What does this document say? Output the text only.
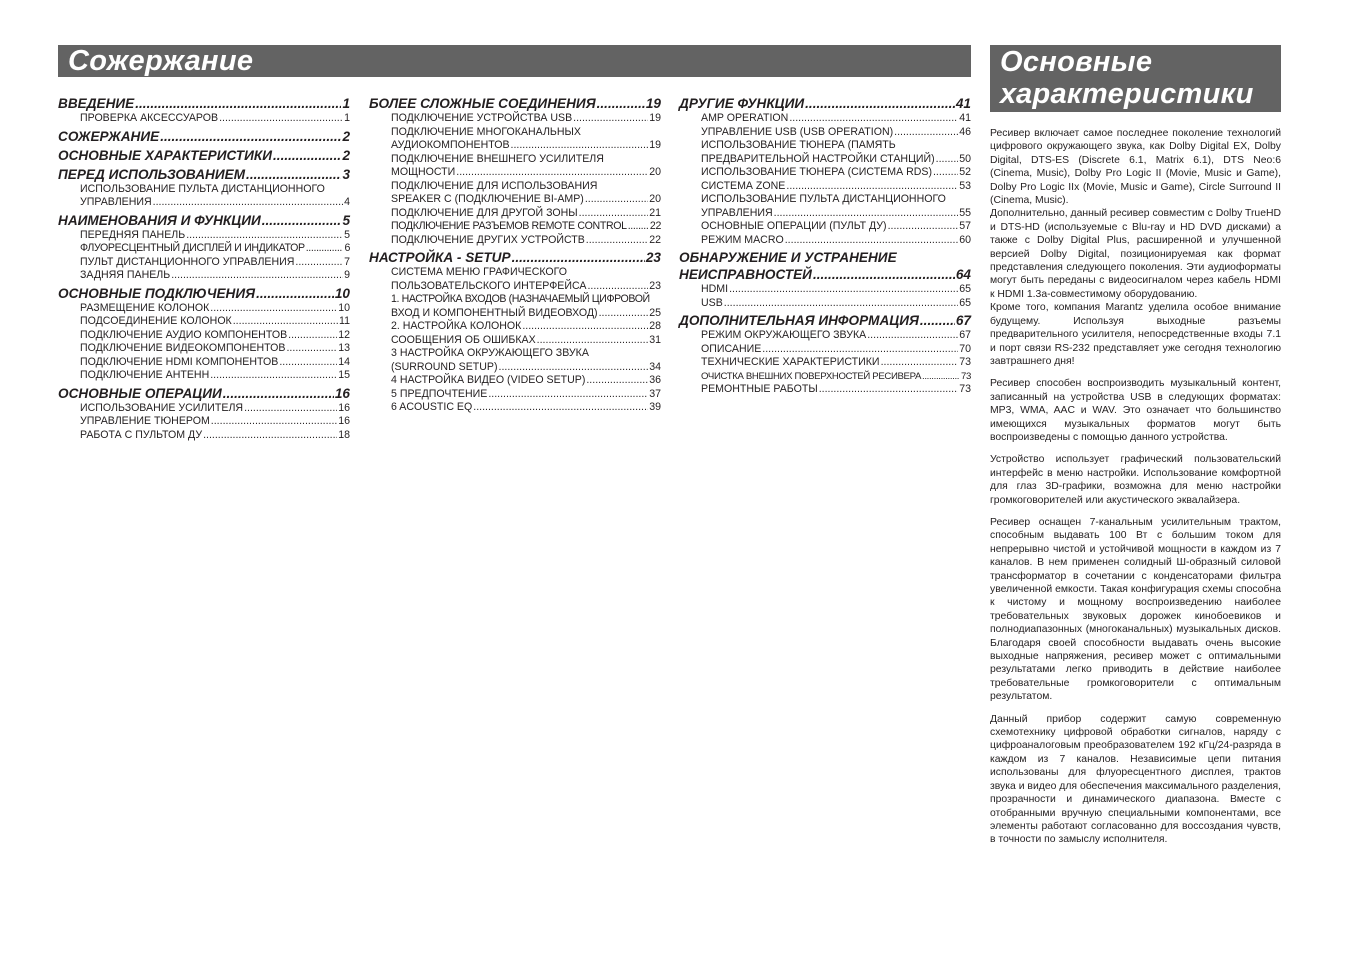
Сожержание	Основные
характеристики
ВВЕДЕНИЕ .....	1
ПРОВЕРКА АКСЕССУАРОВ .....	1
СОЖЕРЖАНИЕ .....	2
ОСНОВНЫЕ ХАРАКТЕРИСТИКИ .....	2
ПЕРЕД ИСПОЛЬЗОВАНИЕМ .....	3
ИСПОЛЬЗОВАНИЕ ПУЛЬТА ДИСТАНЦИОННОГО
УПРАВЛЕНИЯ .....	4
НАИМЕНОВАНИЯ И ФУНКЦИИ .....	5
ПЕРЕДНЯЯ ПАНЕЛЬ .....	5
ФЛУОРЕСЦЕНТНЫЙ ДИСПЛЕЙ И ИНДИКАТОР .....	6
ПУЛЬТ ДИСТАНЦИОННОГО УПРАВЛЕНИЯ .....	7
ЗАДНЯЯ ПАНЕЛЬ .....	9
ОСНОВНЫЕ ПОДКЛЮЧЕНИЯ .....	10
РАЗМЕЩЕНИЕ КОЛОНОК .....	10
ПОДСОЕДИНЕНИЕ КОЛОНОК .....	11
ПОДКЛЮЧЕНИЕ АУДИО КОМПОНЕНТОВ .....	12
ПОДКЛЮЧЕНИЕ ВИДЕОКОМПОНЕНТОВ .....	13
ПОДКЛЮЧЕНИЕ HDMI КОМПОНЕНТОВ .....	14
ПОДКЛЮЧЕНИЕ АНТЕНН .....	15
ОСНОВНЫЕ ОПЕРАЦИИ .....	16
ИСПОЛЬЗОВАНИЕ УСИЛИТЕЛЯ .....	16
УПРАВЛЕНИЕ ТЮНЕРОМ .....	16
РАБОТА С ПУЛЬТОМ ДУ .....	18
БОЛЕЕ СЛОЖНЫЕ СОЕДИНЕНИЯ .....	19
ПОДКЛЮЧЕНИЕ УСТРОЙСТВА USB .....	19
ПОДКЛЮЧЕНИЕ МНОГОКАНАЛЬНЫХ
АУДИОКОМПОНЕНТОВ .....	19
ПОДКЛЮЧЕНИЕ ВНЕШНЕГО УСИЛИТЕЛЯ
МОЩНОСТИ .....	20
ПОДКЛЮЧЕНИЕ ДЛЯ ИСПОЛЬЗОВАНИЯ
SPEAKER C (ПОДКЛЮЧЕНИЕ BI-AMP) .....	20
ПОДКЛЮЧЕНИЕ ДЛЯ ДРУГОЙ ЗОНЫ .....	21
ПОДКЛЮЧЕНИЕ РАЗЪЕМОВ REMOTE CONTROL ..... 22
ПОДКЛЮЧЕНИЕ ДРУГИХ УСТРОЙСТВ .....	22
НАСТРОЙКА - SETUP .....	23
СИСТЕМА МЕНЮ ГРАФИЧЕСКОГО
ПОЛЬЗОВАТЕЛЬСКОГО ИНТЕРФЕЙСА .....	23
1. НАСТРОЙКА ВХОДОВ (НАЗНАЧАЕМЫЙ ЦИФРОВОЙ
ВХОД И КОМПОНЕНТНЫЙ ВИДЕОВХОД) .....	25
2. НАСТРОЙКА КОЛОНОК .....	28
СООБЩЕНИЯ ОБ ОШИБКАХ .....	31
3 НАСТРОЙКА ОКРУЖАЮЩЕГО ЗВУКА
(SURROUND SETUP) .....	34
4 НАСТРОЙКА ВИДЕО (VIDEO SETUP) .....	36
5 ПРЕДПОЧТЕНИЕ .....	37
6 ACOUSTIC EQ .....	39
ДРУГИЕ ФУНКЦИИ .....	41
AMP OPERATION .....	41
УПРАВЛЕНИЕ USB (USB OPERATION) .....	46
ИСПОЛЬЗОВАНИЕ ТЮНЕРА (ПАМЯТЬ
ПРЕДВАРИТЕЛЬНОЙ НАСТРОЙКИ СТАНЦИЙ) ..... 50
ИСПОЛЬЗОВАНИЕ ТЮНЕРА (СИСТЕМА RDS) .....	52
СИСТЕМА ZONE .....	53
ИСПОЛЬЗОВАНИЕ ПУЛЬТА ДИСТАНЦИОННОГО
УПРАВЛЕНИЯ .....	55
ОСНОВНЫЕ ОПЕРАЦИИ (ПУЛЬТ ДУ) .....	57
РЕЖИМ MACRO .....	60
ОБНАРУЖЕНИЕ И УСТРАНЕНИЕ
НЕИСПРАВНОСТЕЙ .....	64
HDMI .....	65
USB .....	65
ДОПОЛНИТЕЛЬНАЯ ИНФОРМАЦИЯ .....	67
РЕЖИМ ОКРУЖАЮЩЕГО ЗВУКА .....	67
ОПИСАНИЕ .....	70
ТЕХНИЧЕСКИЕ ХАРАКТЕРИСТИКИ .....	73
ОЧИСТКА ВНЕШНИХ ПОВЕРХНОСТЕЙ РЕСИВЕРА .....	73
РЕМОНТНЫЕ РАБОТЫ .....	73

Ресивер включает самое последнее поколение технологий цифрового окружающего звука, как Dolby Digital EX, Dolby Digital, DTS-ES (Discrete 6.1, Matrix 6.1), DTS Neo:6 (Cinema, Music), Dolby Pro Logic II (Movie, Music и Game), Dolby Pro Logic IIx (Movie, Music и Game), Circle Surround II (Cinema, Music).

Дополнительно, данный ресивер совместим с Dolby TrueHD и DTS-HD (используемые с Blu-ray и HD DVD дисками) а также с Dolby Digital Plus, расширенной и улучшенной версией Dolby Digital, позиционируемая как формат представления следующего поколения. Эти аудиоформаты могут быть переданы с видеосигналом через кабель HDMI к HDMI 1.3a-совместимому оборудованию.

Кроме того, компания Marantz уделила особое внимание будущему. Используя выходные разъемы предварительного усилителя, непосредственные входы 7.1 и порт связи RS-232 представляет уже сегодня технологию завтрашнего дня!

Ресивер способен воспроизводить музыкальный контент, записанный на устройства USB в следующих форматах: MP3, WMA, AAC и WAV. Это означает что большинство имеющихся музыкальных форматов могут быть воспроизведены с помощью данного устройства.

Устройство использует графический пользовательский интерфейс в меню настройки. Использование комфортной для глаз 3D-графики, возможна для меню настройки громкоговорителей или акустического эквалайзера.

Ресивер оснащен 7-канальным усилительным трактом, способным выдавать 100 Вт с большим током для непрерывно чистой и устойчивой мощности в каждом из 7 каналов. В нем применен солидный Ш-образный силовой трансформатор в сочетании с конденсаторами фильтра увеличенной емкости. Такая конфигурация схемы способна к чистому и мощному воспроизведению наиболее требовательных звуковых дорожек кинобоевиков и полнодиапазонных (многоканальных) музыкальных дисков. Благодаря своей способности выдавать очень высокие выходные напряжения, ресивер может с оптимальными результатами легко приводить в действие наиболее требовательные громкоговорители с оптимальным результатом.

Данный прибор содержит самую современную схемотехнику цифровой обработки сигналов, наряду с цифроаналоговым преобразователем 192 кГц/24-разряда в каждом из 7 каналов. Независимые цепи питания использованы для флуоресцентного дисплея, трактов звука и видео для обеспечения максимального разделения, прозрачности и динамического диапазона. Вместе с отобранными вручную специальными компонентами, все элементы работают согласованно для воссоздания чувств, в точности по замыслу исполнителя.
